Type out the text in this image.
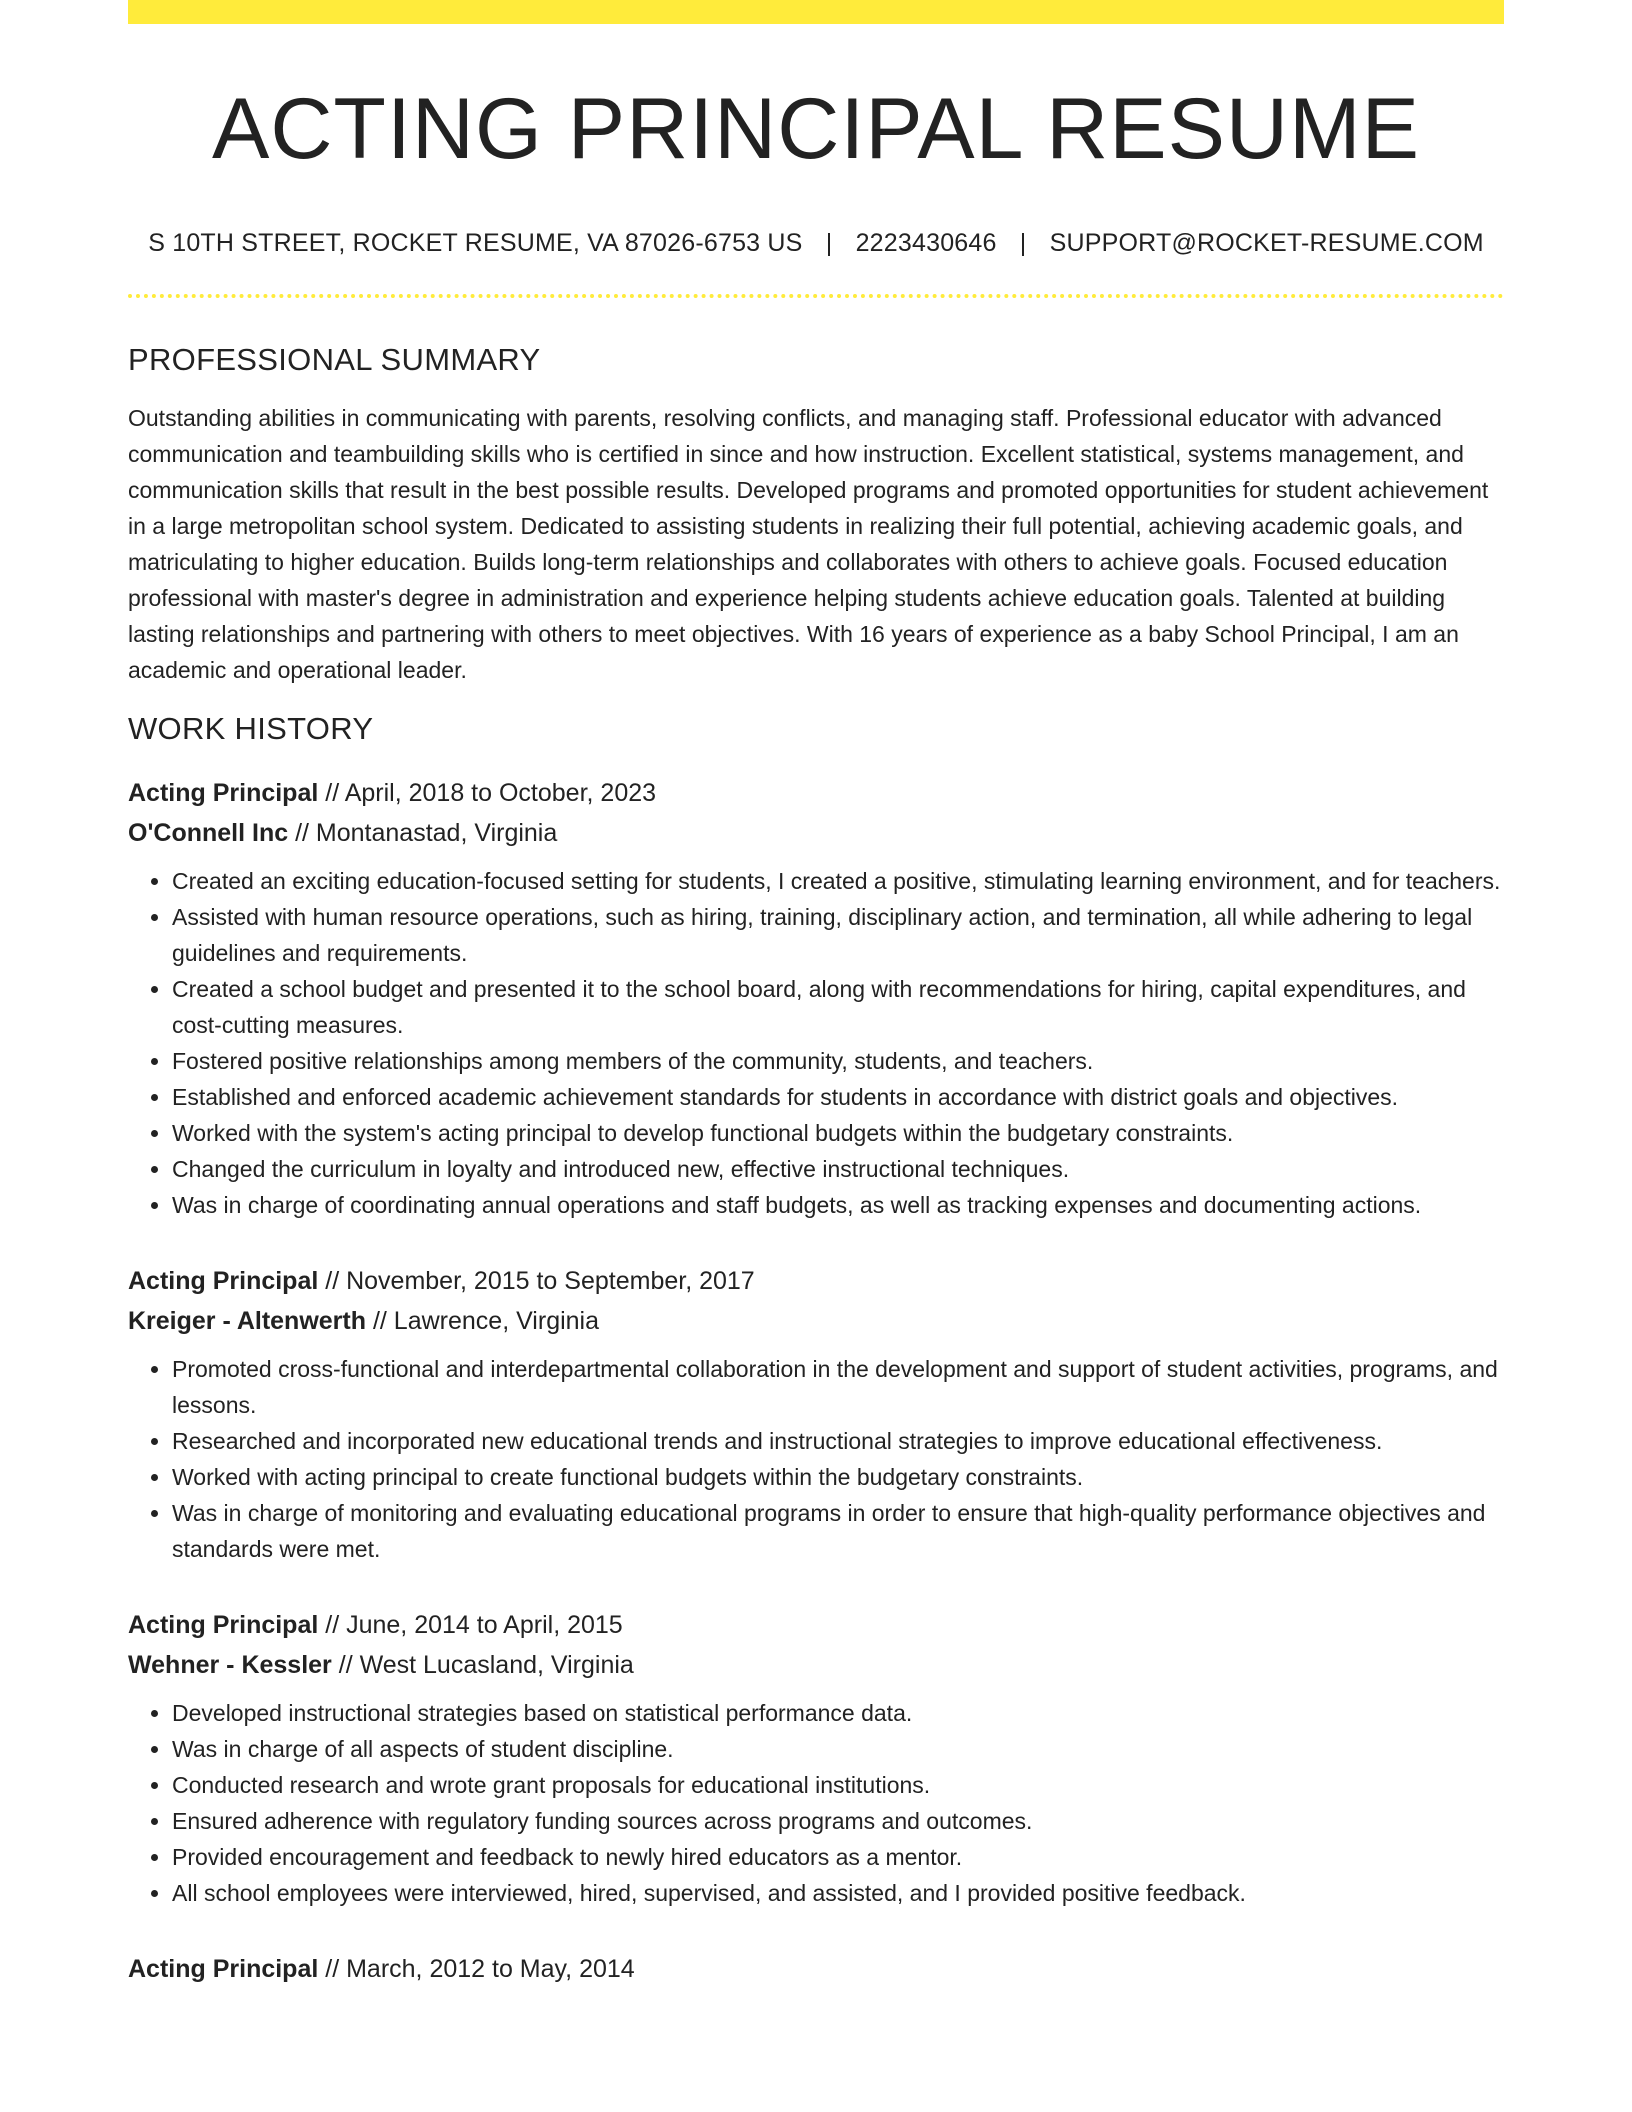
ACTING PRINCIPAL RESUME
S 10TH STREET, ROCKET RESUME, VA 87026-6753 US | 2223430646 | SUPPORT@ROCKET-RESUME.COM
PROFESSIONAL SUMMARY

Outstanding abilities in communicating with parents, resolving conflicts, and managing staff. Professional educator with advanced communication and teambuilding skills who is certified in since and how instruction. Excellent statistical, systems management, and communication skills that result in the best possible results. Developed programs and promoted opportunities for student achievement in a large metropolitan school system. Dedicated to assisting students in realizing their full potential, achieving academic goals, and matriculating to higher education. Builds long-term relationships and collaborates with others to achieve goals. Focused education professional with master's degree in administration and experience helping students achieve education goals. Talented at building lasting relationships and partnering with others to meet objectives. With 16 years of experience as a baby School Principal, I am an academic and operational leader.

WORK HISTORY
Acting Principal // April, 2018 to October, 2023
O'Connell Inc // Montanastad, Virginia
• Created an exciting education-focused setting for students, I created a positive, stimulating learning environment, and for teachers.
• Assisted with human resource operations, such as hiring, training, disciplinary action, and termination, all while adhering to legal guidelines and requirements.
• Created a school budget and presented it to the school board, along with recommendations for hiring, capital expenditures, and cost-cutting measures.
• Fostered positive relationships among members of the community, students, and teachers.
• Established and enforced academic achievement standards for students in accordance with district goals and objectives.
• Worked with the system's acting principal to develop functional budgets within the budgetary constraints.
• Changed the curriculum in loyalty and introduced new, effective instructional techniques.
• Was in charge of coordinating annual operations and staff budgets, as well as tracking expenses and documenting actions.
Acting Principal // November, 2015 to September, 2017
Kreiger - Altenwerth // Lawrence, Virginia
• Promoted cross-functional and interdepartmental collaboration in the development and support of student activities, programs, and lessons.
• Researched and incorporated new educational trends and instructional strategies to improve educational effectiveness.
• Worked with acting principal to create functional budgets within the budgetary constraints.
• Was in charge of monitoring and evaluating educational programs in order to ensure that high-quality performance objectives and standards were met.
Acting Principal // June, 2014 to April, 2015
Wehner - Kessler // West Lucasland, Virginia
• Developed instructional strategies based on statistical performance data.
• Was in charge of all aspects of student discipline.
• Conducted research and wrote grant proposals for educational institutions.
• Ensured adherence with regulatory funding sources across programs and outcomes.
• Provided encouragement and feedback to newly hired educators as a mentor.
• All school employees were interviewed, hired, supervised, and assisted, and I provided positive feedback.
Acting Principal // March, 2012 to May, 2014
